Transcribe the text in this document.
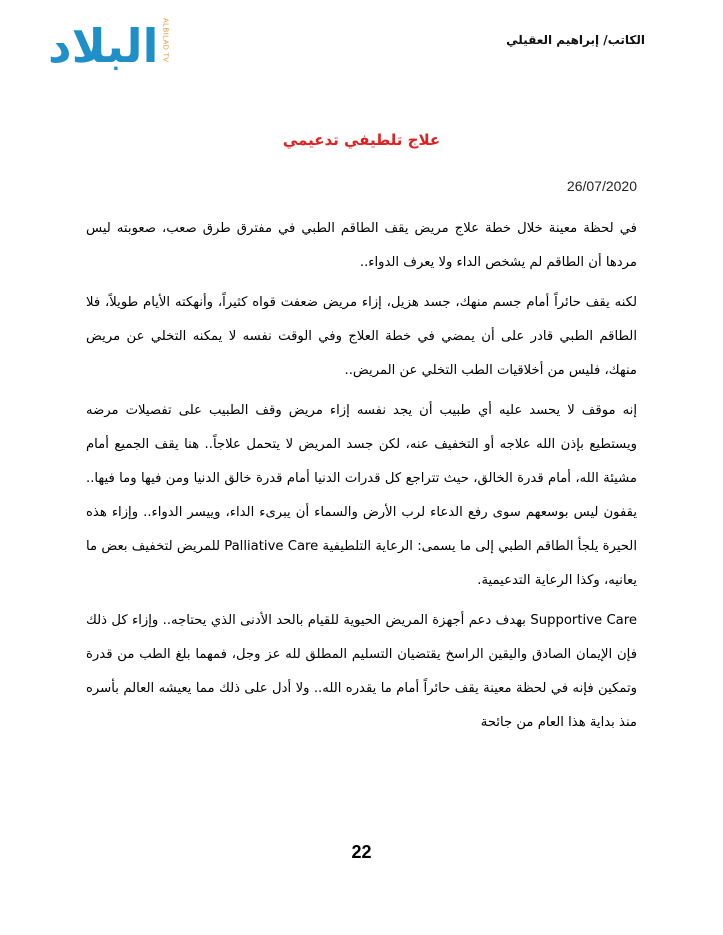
البلاد ALBILAD TV	الكاتب/ إبراهيم العقيلي
علاج تلطيفي تدعيمي
26/07/2020

في لحظة معينة خلال خطة علاج مريض يقف الطاقم الطبي في مفترق طرق صعب، صعوبته ليس مردها أن الطاقم لم يشخص الداء ولا يعرف الدواء..

لكنه يقف حائراً أمام جسم منهك، جسد هزيل، إزاء مريض ضعفت قواه كثيراً، وأنهكته الأيام طويلاً، فلا الطاقم الطبي قادر على أن يمضي في خطة العلاج وفي الوقت نفسه لا يمكنه التخلي عن مريض منهك، فليس من أخلاقيات الطب التخلي عن المريض..

إنه موقف لا يحسد عليه أي طبيب أن يجد نفسه إزاء مريض وقف الطبيب على تفصيلات مرضه ويستطيع بإذن الله علاجه أو التخفيف عنه، لكن جسد المريض لا يتحمل علاجاً.. هنا يقف الجميع أمام مشيئة الله، أمام قدرة الخالق، حيث تتراجع كل قدرات الدنيا أمام قدرة خالق الدنيا ومن فيها وما فيها.. يقفون ليس بوسعهم سوى رفع الدعاء لرب الأرض والسماء أن يبرىء الداء، وييسر الدواء.. وإزاء هذه الحيرة يلجأ الطاقم الطبي إلى ما يسمى: الرعاية التلطيفية Palliative Care للمريض لتخفيف بعض ما يعانيه، وكذا الرعاية التدعيمية.

Supportive Care بهدف دعم أجهزة المريض الحيوية للقيام بالحد الأدنى الذي يحتاجه.. وإزاء كل ذلك فإن الإيمان الصادق واليقين الراسخ يقتضيان التسليم المطلق لله عز وجل، فمهما بلغ الطب من قدرة وتمكين فإنه في لحظة معينة يقف حائراً أمام ما يقدره الله.. ولا أدل على ذلك مما يعيشه العالم بأسره منذ بداية هذا العام من جائحة

22
